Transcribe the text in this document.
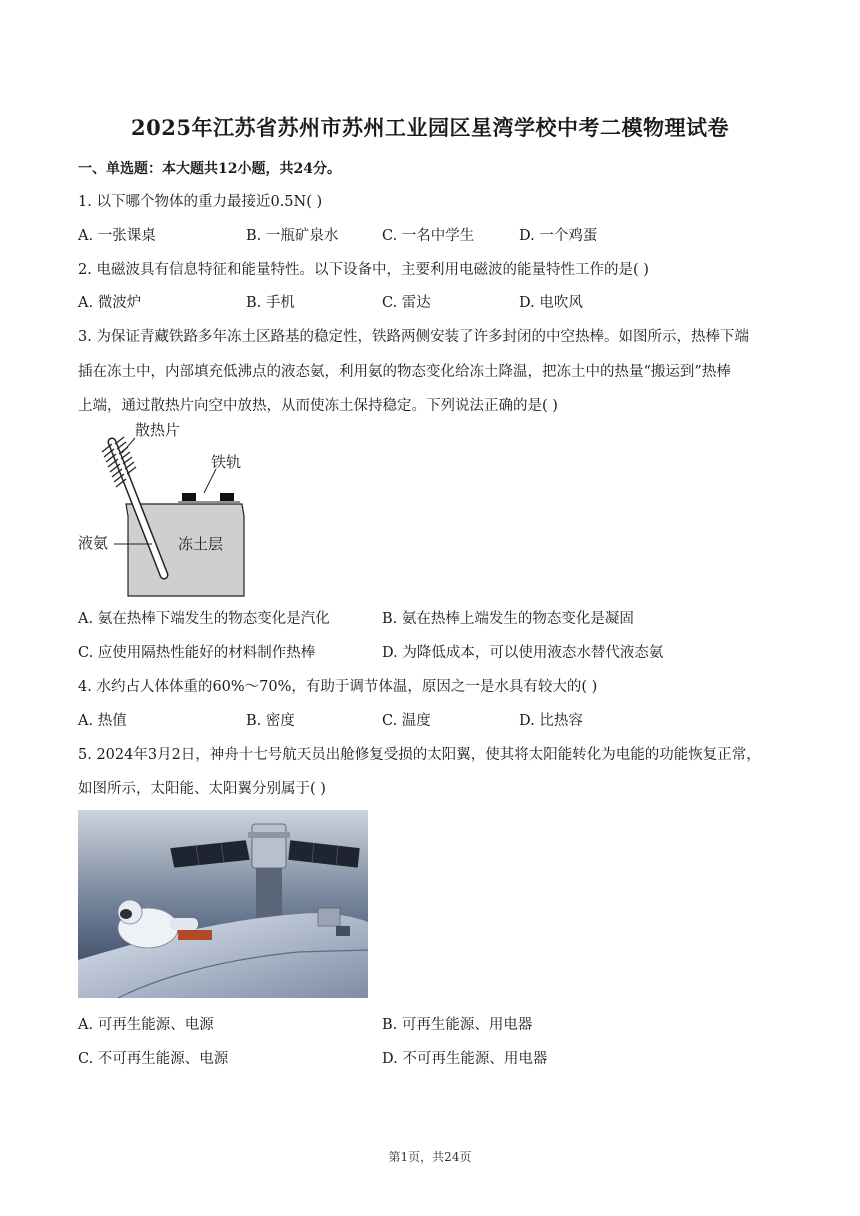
2025年江苏省苏州市苏州工业园区星湾学校中考二模物理试卷
一、单选题：本大题共12小题，共24分。
1. 以下哪个物体的重力最接近0.5N( )
A. 一张课桌	B. 一瓶矿泉水	C. 一名中学生	D. 一个鸡蛋
2. 电磁波具有信息特征和能量特性。以下设备中，主要利用电磁波的能量特性工作的是( )
A. 微波炉	B. 手机	C. 雷达	D. 电吹风
3. 为保证青藏铁路多年冻土区路基的稳定性，铁路两侧安装了许多封闭的中空热棒。如图所示，热棒下端
插在冻土中，内部填充低沸点的液态氨，利用氨的物态变化给冻土降温，把冻土中的热量“搬运到”热棒
上端，通过散热片向空中放热，从而使冻土保持稳定。下列说法正确的是( )
散热片
铁轨
液氨	冻土层
A. 氨在热棒下端发生的物态变化是汽化	B. 氨在热棒上端发生的物态变化是凝固
C. 应使用隔热性能好的材料制作热棒	D. 为降低成本，可以使用液态水替代液态氨
4. 水约占人体体重的60%～70%，有助于调节体温，原因之一是水具有较大的( )
A. 热值	B. 密度	C. 温度	D. 比热容
5. 2024年3月2日，神舟十七号航天员出舱修复受损的太阳翼，使其将太阳能转化为电能的功能恢复正常，
如图所示，太阳能、太阳翼分别属于( )
A. 可再生能源、电源	B. 可再生能源、用电器
C. 不可再生能源、电源	D. 不可再生能源、用电器
第1页，共24页
